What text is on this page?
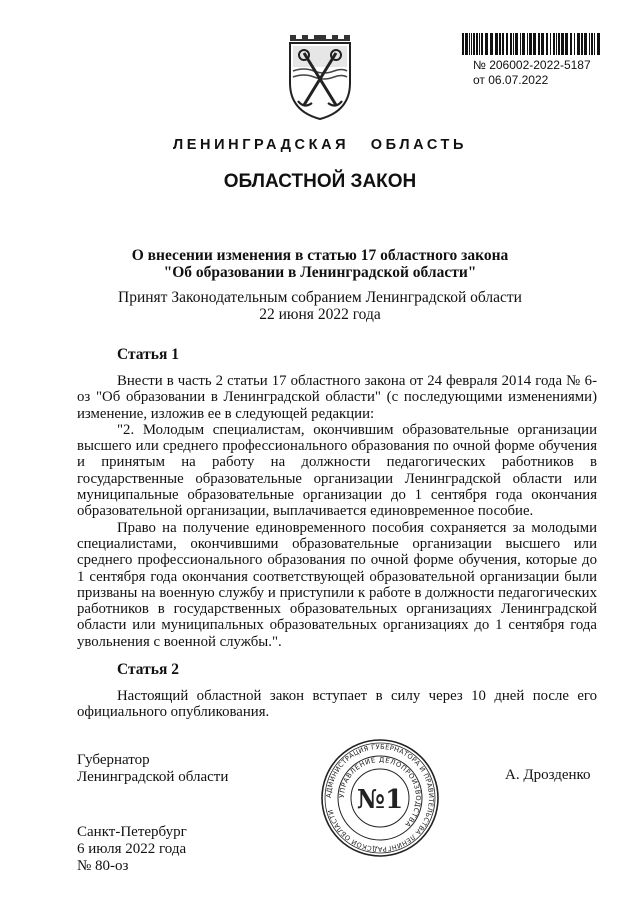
№ 206002-2022-5187
от 06.07.2022
ЛЕНИНГРАДСКАЯ ОБЛАСТЬ
ОБЛАСТНОЙ ЗАКОН
О внесении изменения в статью 17 областного закона
"Об образовании в Ленинградской области"
Принят Законодательным собранием Ленинградской области
22 июня 2022 года
Статья 1

Внести в часть 2 статьи 17 областного закона от 24 февраля 2014 года № 6-оз "Об образовании в Ленинградской области" (с последующими изменениями) изменение, изложив ее в следующей редакции:

"2. Молодым специалистам, окончившим образовательные организации высшего или среднего профессионального образования по очной форме обучения и принятым на работу на должности педагогических работников в государственные образовательные организации Ленинградской области или муниципальные образовательные организации до 1 сентября года окончания образовательной организации, выплачивается единовременное пособие.

Право на получение единовременного пособия сохраняется за молодыми специалистами, окончившими образовательные организации высшего или среднего профессионального образования по очной форме обучения, которые до 1 сентября года окончания соответствующей образовательной организации были призваны на военную службу и приступили к работе в должности педагогических работников в государственных образовательных организациях Ленинградской области или муниципальных образовательных организациях до 1 сентября года увольнения с военной службы.".

Статья 2

Настоящий областной закон вступает в силу через 10 дней после его официального опубликования.

Губернатор
Ленинградской области	А. Дрозденко
АДМИНИСТРАЦИЯ ГУБЕРНАТОРА И ПРАВИТЕЛЬСТВА ЛЕНИНГРАДСКОЙ ОБЛАСТИ
УПРАВЛЕНИЕ ДЕЛОПРОИЗВОДСТВА
№1
Санкт-Петербург
6 июля 2022 года
№ 80-оз
